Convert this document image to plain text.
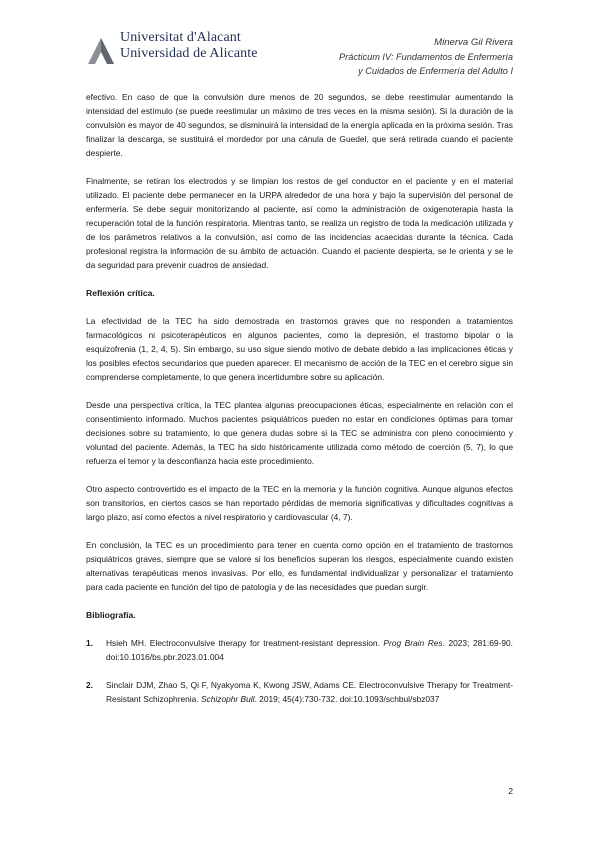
Universitat d'Alacant
Universidad de Alicante
Minerva Gil Rivera
Prácticum IV: Fundamentos de Enfermería
y Cuidados de Enfermería del Adulto I

efectivo. En caso de que la convulsión dure menos de 20 segundos, se debe reestimular aumentando la intensidad del estímulo (se puede reestimular un máximo de tres veces en la misma sesión). Si la duración de la convulsión es mayor de 40 segundos, se disminuirá la intensidad de la energía aplicada en la próxima sesión. Tras finalizar la descarga, se sustituirá el mordedor por una cánula de Guedel, que será retirada cuando el paciente despierte.

Finalmente, se retiran los electrodos y se limpian los restos de gel conductor en el paciente y en el material utilizado. El paciente debe permanecer en la URPA alrededor de una hora y bajo la supervisión del personal de enfermería. Se debe seguir monitorizando al paciente, así como la administración de oxigenoterapia hasta la recuperación total de la función respiratoria. Mientras tanto, se realiza un registro de toda la medicación utilizada y de los parámetros relativos a la convulsión, así como de las incidencias acaecidas durante la técnica. Cada profesional registra la información de su ámbito de actuación. Cuando el paciente despierta, se le orienta y se le da seguridad para prevenir cuadros de ansiedad.

Reflexión crítica.

La efectividad de la TEC ha sido demostrada en trastornos graves que no responden a tratamientos farmacológicos ni psicoterapéuticos en algunos pacientes, como la depresión, el trastorno bipolar o la esquizofrenia (1, 2, 4, 5). Sin embargo, su uso sigue siendo motivo de debate debido a las implicaciones éticas y los posibles efectos secundarios que pueden aparecer. El mecanismo de acción de la TEC en el cerebro sigue sin comprenderse completamente, lo que genera incertidumbre sobre su aplicación.

Desde una perspectiva crítica, la TEC plantea algunas preocupaciones éticas, especialmente en relación con el consentimiento informado. Muchos pacientes psiquiátricos pueden no estar en condiciones óptimas para tomar decisiones sobre su tratamiento, lo que genera dudas sobre si la TEC se administra con pleno conocimiento y voluntad del paciente. Además, la TEC ha sido históricamente utilizada como método de coerción (5, 7), lo que refuerza el temor y la desconfianza hacia este procedimiento.

Otro aspecto controvertido es el impacto de la TEC en la memoria y la función cognitiva. Aunque algunos efectos son transitorios, en ciertos casos se han reportado pérdidas de memoria significativas y dificultades cognitivas a largo plazo, así como efectos a nivel respiratorio y cardiovascular (4, 7).

En conclusión, la TEC es un procedimiento para tener en cuenta como opción en el tratamiento de trastornos psiquiátricos graves, siempre que se valore si los beneficios superan los riesgos, especialmente cuando existen alternativas terapéuticas menos invasivas. Por ello, es fundamental individualizar y personalizar el tratamiento para cada paciente en función del tipo de patología y de las necesidades que puedan surgir.

Bibliografía.

1. Hsieh MH. Electroconvulsive therapy for treatment-resistant depression. Prog Brain Res. 2023; 281:69-90. doi:10.1016/bs.pbr.2023.01.004
2. Sinclair DJM, Zhao S, Qi F, Nyakyoma K, Kwong JSW, Adams CE. Electroconvulsive Therapy for Treatment-Resistant Schizophrenia. Schizophr Bull. 2019; 45(4):730-732. doi:10.1093/schbul/sbz037
2
